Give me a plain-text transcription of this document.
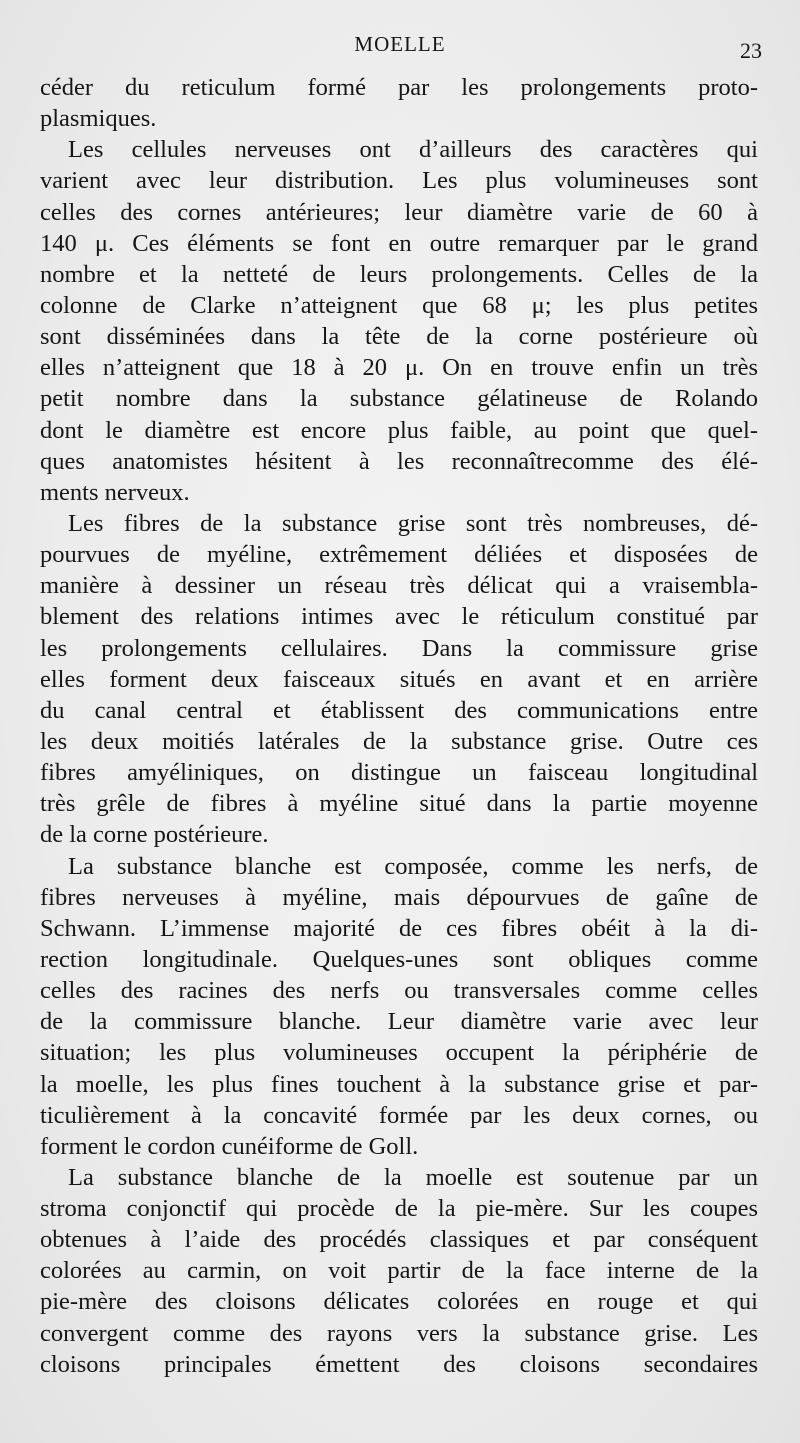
MOELLE	23
céder du reticulum formé par les prolongements proto-
plasmiques.
Les cellules nerveuses ont d’ailleurs des caractères qui
varient avec leur distribution. Les plus volumineuses sont
celles des cornes antérieures; leur diamètre varie de 60 à
140 μ. Ces éléments se font en outre remarquer par le grand
nombre et la netteté de leurs prolongements. Celles de la
colonne de Clarke n’atteignent que 68 μ; les plus petites
sont disséminées dans la tête de la corne postérieure où
elles n’atteignent que 18 à 20 μ. On en trouve enfin un très
petit nombre dans la substance gélatineuse de Rolando
dont le diamètre est encore plus faible, au point que quel-
ques anatomistes hésitent à les reconnaîtrecomme des élé-
ments nerveux.
Les fibres de la substance grise sont très nombreuses, dé-
pourvues de myéline, extrêmement déliées et disposées de
manière à dessiner un réseau très délicat qui a vraisembla-
blement des relations intimes avec le réticulum constitué par
les prolongements cellulaires. Dans la commissure grise
elles forment deux faisceaux situés en avant et en arrière
du canal central et établissent des communications entre
les deux moitiés latérales de la substance grise. Outre ces
fibres amyéliniques, on distingue un faisceau longitudinal
très grêle de fibres à myéline situé dans la partie moyenne
de la corne postérieure.
La substance blanche est composée, comme les nerfs, de
fibres nerveuses à myéline, mais dépourvues de gaîne de
Schwann. L’immense majorité de ces fibres obéit à la di-
rection longitudinale. Quelques-unes sont obliques comme
celles des racines des nerfs ou transversales comme celles
de la commissure blanche. Leur diamètre varie avec leur
situation; les plus volumineuses occupent la périphérie de
la moelle, les plus fines touchent à la substance grise et par-
ticulièrement à la concavité formée par les deux cornes, ou
forment le cordon cunéiforme de Goll.
La substance blanche de la moelle est soutenue par un
stroma conjonctif qui procède de la pie-mère. Sur les coupes
obtenues à l’aide des procédés classiques et par conséquent
colorées au carmin, on voit partir de la face interne de la
pie-mère des cloisons délicates colorées en rouge et qui
convergent comme des rayons vers la substance grise. Les
cloisons principales émettent des cloisons secondaires
